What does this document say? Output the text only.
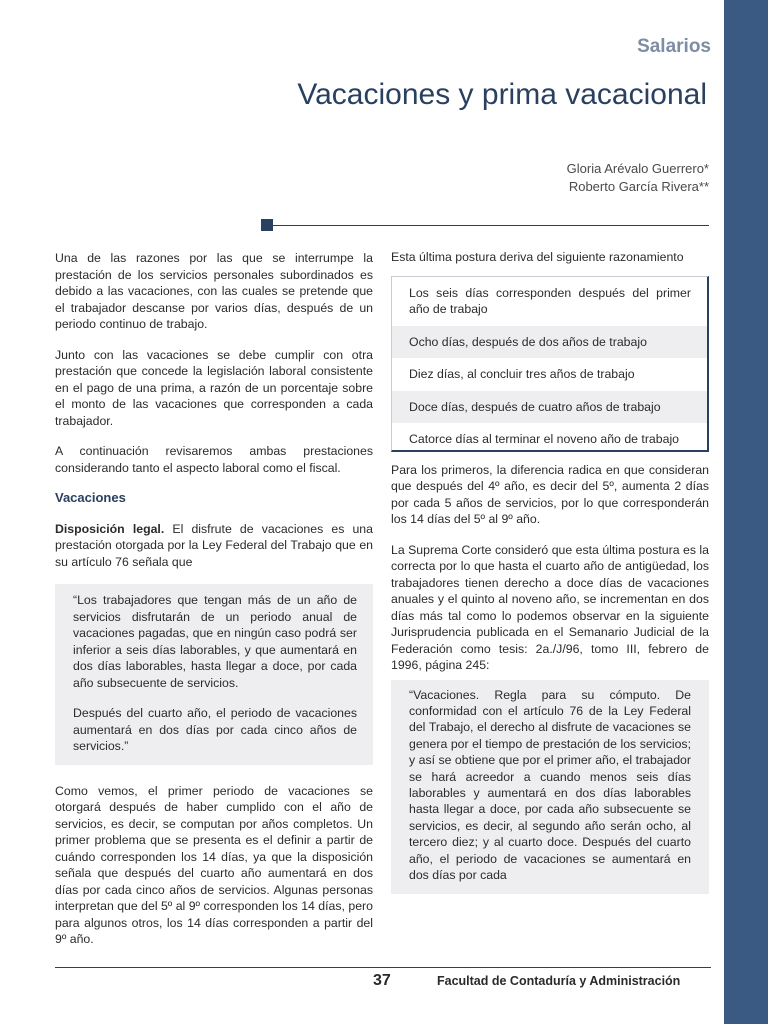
Salarios
Vacaciones y prima vacacional
Gloria Arévalo Guerrero*
Roberto García Rivera**

Una de las razones por las que se interrumpe la prestación de los servicios personales subordinados es debido a las vacaciones, con las cuales se pretende que el trabajador descanse por varios días, después de un periodo continuo de trabajo.

Junto con las vacaciones se debe cumplir con otra prestación que concede la legislación laboral consistente en el pago de una prima, a razón de un porcentaje sobre el monto de las vacaciones que corresponden a cada trabajador.

A continuación revisaremos ambas prestaciones considerando tanto el aspecto laboral como el fiscal.

Vacaciones

Disposición legal. El disfrute de vacaciones es una prestación otorgada por la Ley Federal del Trabajo que en su artículo 76 señala que

“Los trabajadores que tengan más de un año de servicios disfrutarán de un periodo anual de vacaciones pagadas, que en ningún caso podrá ser inferior a seis días laborables, y que aumentará en dos días laborables, hasta llegar a doce, por cada año subsecuente de servicios.

Después del cuarto año, el periodo de vacaciones aumentará en dos días por cada cinco años de servicios.”

Como vemos, el primer periodo de vacaciones se otorgará después de haber cumplido con el año de servicios, es decir, se computan por años completos. Un primer problema que se presenta es el definir a partir de cuándo corresponden los 14 días, ya que la disposición señala que después del cuarto año aumentará en dos días por cada cinco años de servicios. Algunas personas interpretan que del 5º al 9º corresponden los 14 días, pero para algunos otros, los 14 días corresponden a partir del 9º año.

Esta última postura deriva del siguiente razonamiento

Los seis días corresponden después del primer año de trabajo
Ocho días, después de dos años de trabajo
Diez días, al concluir tres años de trabajo
Doce días, después de cuatro años de trabajo
Catorce días al terminar el noveno año de trabajo

Para los primeros, la diferencia radica en que consideran que después del 4º año, es decir del 5º, aumenta 2 días por cada 5 años de servicios, por lo que corresponderán los 14 días del 5º al 9º año.

La Suprema Corte consideró que esta última postura es la correcta por lo que hasta el cuarto año de antigüedad, los trabajadores tienen derecho a doce días de vacaciones anuales y el quinto al noveno año, se incrementan en dos días más tal como lo podemos observar en la siguiente Jurisprudencia publicada en el Semanario Judicial de la Federación como tesis: 2a./J/96, tomo III, febrero de 1996, página 245:

“Vacaciones. Regla para su cómputo. De conformidad con el artículo 76 de la Ley Federal del Trabajo, el derecho al disfrute de vacaciones se genera por el tiempo de prestación de los servicios; y así se obtiene que por el primer año, el trabajador se hará acreedor a cuando menos seis días laborables y aumentará en dos días laborables hasta llegar a doce, por cada año subsecuente se servicios, es decir, al segundo año serán ocho, al tercero diez; y al cuarto doce. Después del cuarto año, el periodo de vacaciones se aumentará en dos días por cada
37	Facultad de Contaduría y Administración
